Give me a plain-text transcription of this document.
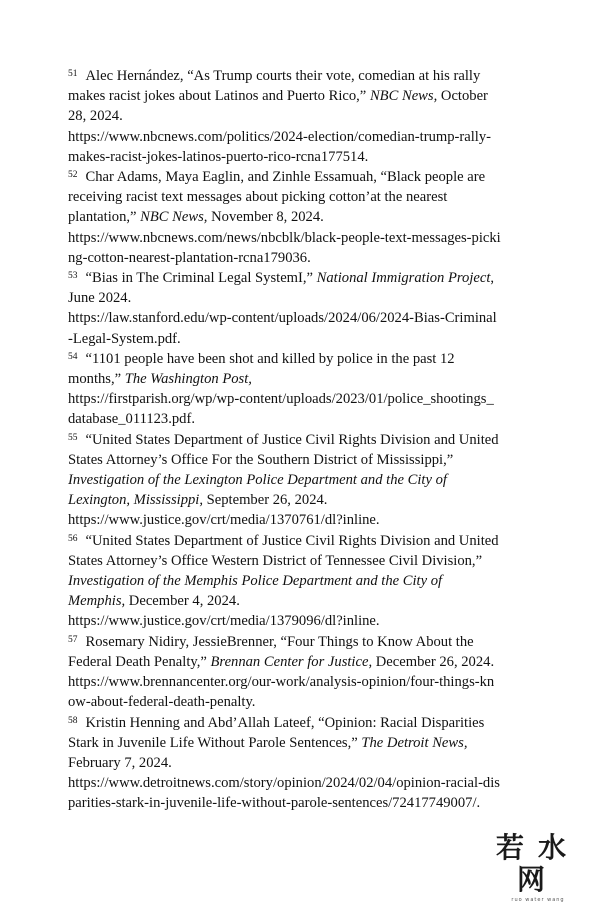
$^{51}$ Alec Hernández, “As Trump courts their vote, comedian at his rally
makes racist jokes about Latinos and Puerto Rico,” NBC News, October
28, 2024.
https://www.nbcnews.com/politics/2024-election/comedian-trump-rally-
makes-racist-jokes-latinos-puerto-rico-rcna177514.
$^{52}$ Char Adams, Maya Eaglin, and Zinhle Essamuah, “Black people are
receiving racist text messages about picking cotton’at the nearest
plantation,” NBC News, November 8, 2024.
https://www.nbcnews.com/news/nbcblk/black-people-text-messages-picki
ng-cotton-nearest-plantation-rcna179036.
$^{53}$ “Bias in The Criminal Legal SystemI,” National Immigration Project,
June 2024.
https://law.stanford.edu/wp-content/uploads/2024/06/2024-Bias-Criminal
-Legal-System.pdf.
$^{54}$ “1101 people have been shot and killed by police in the past 12
months,” The Washington Post,
https://firstparish.org/wp/wp-content/uploads/2023/01/police_shootings_
database_011123.pdf.
$^{55}$ “United States Department of Justice Civil Rights Division and United
States Attorney’s Office For the Southern District of Mississippi,”
Investigation of the Lexington Police Department and the City of
Lexington, Mississippi, September 26, 2024.
https://www.justice.gov/crt/media/1370761/dl?inline.
$^{56}$ “United States Department of Justice Civil Rights Division and United
States Attorney’s Office Western District of Tennessee Civil Division,”
Investigation of the Memphis Police Department and the City of
Memphis, December 4, 2024.
https://www.justice.gov/crt/media/1379096/dl?inline.
$^{57}$ Rosemary Nidiry, JessieBrenner, “Four Things to Know About the
Federal Death Penalty,” Brennan Center for Justice, December 26, 2024.
https://www.brennancenter.org/our-work/analysis-opinion/four-things-kn
ow-about-federal-death-penalty.
$^{58}$ Kristin Henning and Abd’Allah Lateef, “Opinion: Racial Disparities
Stark in Juvenile Life Without Parole Sentences,” The Detroit News,
February 7, 2024.
https://www.detroitnews.com/story/opinion/2024/02/04/opinion-racial-dis
parities-stark-in-juvenile-life-without-parole-sentences/72417749007/.
若水网
ruo water wang
